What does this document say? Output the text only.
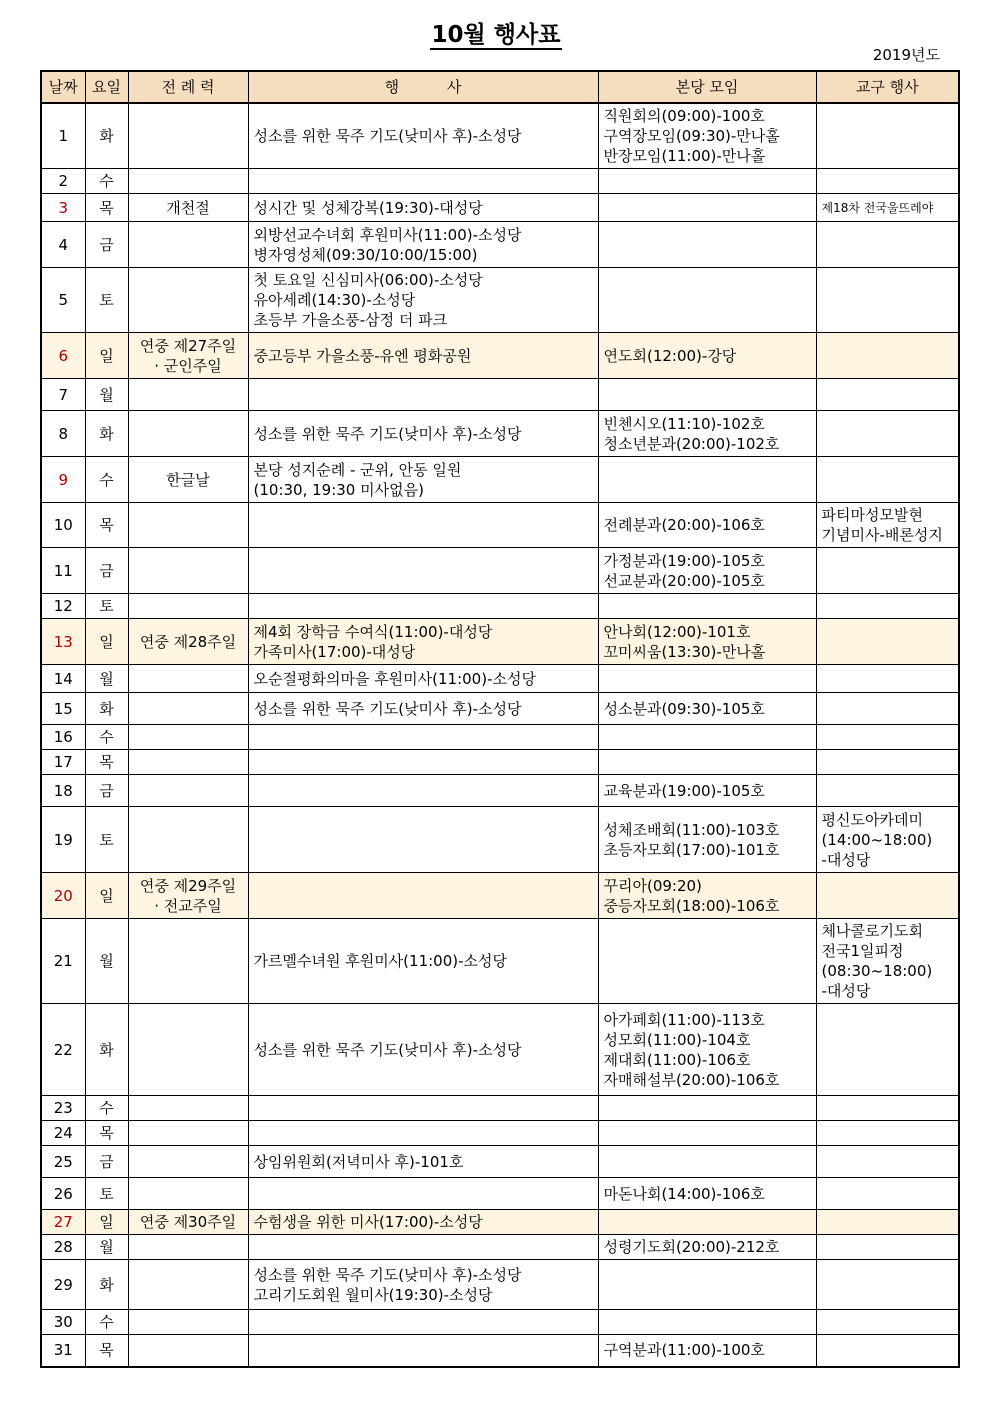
10월 행사표
2019년도
날짜	요일	전 례 력	행          사	본당 모임	교구 행사
1	화		성소를 위한 묵주 기도(낮미사 후)-소성당	직원회의(09:00)-100호
구역장모임(09:30)-만나홀
반장모임(11:00)-만나홀	

2	수				
3	목	개천절	성시간 및 성체강복(19:30)-대성당		제18차 전국울뜨레야

4	금		외방선교수녀회 후원미사(11:00)-소성당
병자영성체(09:30/10:00/15:00)		

5	토		첫 토요일 신심미사(06:00)-소성당
유아세례(14:30)-소성당
초등부 가을소풍-삼정 더 파크		

6	일	연중 제27주일
· 군인주일	중고등부 가을소풍-유엔 평화공원	연도회(12:00)-강당	

7	월				
8	화		성소를 위한 묵주 기도(낮미사 후)-소성당	빈첸시오(11:10)-102호
청소년분과(20:00)-102호	

9	수	한글날	본당 성지순례 - 군위, 안동 일원
(10:30, 19:30 미사없음)		

10	목			전례분과(20:00)-106호	파티마성모발현
기념미사-배론성지

11	금			가정분과(19:00)-105호
선교분과(20:00)-105호	

12	토				
13	일	연중 제28주일	제4회 장학금 수여식(11:00)-대성당
가족미사(17:00)-대성당	안나회(12:00)-101호
꼬미씨움(13:30)-만나홀	

14	월		오순절평화의마을 후원미사(11:00)-소성당		

15	화		성소를 위한 묵주 기도(낮미사 후)-소성당	성소분과(09:30)-105호	

16	수				
17	목				
18	금			교육분과(19:00)-105호	

19	토			성체조배회(11:00)-103호
초등자모회(17:00)-101호	평신도아카데미
(14:00~18:00)
-대성당

20	일	연중 제29주일
· 전교주일		꾸리아(09:20)
중등자모회(18:00)-106호	

21	월		가르멜수녀원 후원미사(11:00)-소성당		체나콜로기도회
전국1일피정
(08:30~18:00)
-대성당

22	화		성소를 위한 묵주 기도(낮미사 후)-소성당	아가페회(11:00)-113호
성모회(11:00)-104호
제대회(11:00)-106호
자매해설부(20:00)-106호	

23	수				
24	목				
25	금		상임위원회(저녁미사 후)-101호		

26	토			마돈나회(14:00)-106호	

27	일	연중 제30주일	수험생을 위한 미사(17:00)-소성당		

28	월			성령기도회(20:00)-212호	

29	화		성소를 위한 묵주 기도(낮미사 후)-소성당
고리기도회원 월미사(19:30)-소성당		

30	수				
31	목			구역분과(11:00)-100호	
